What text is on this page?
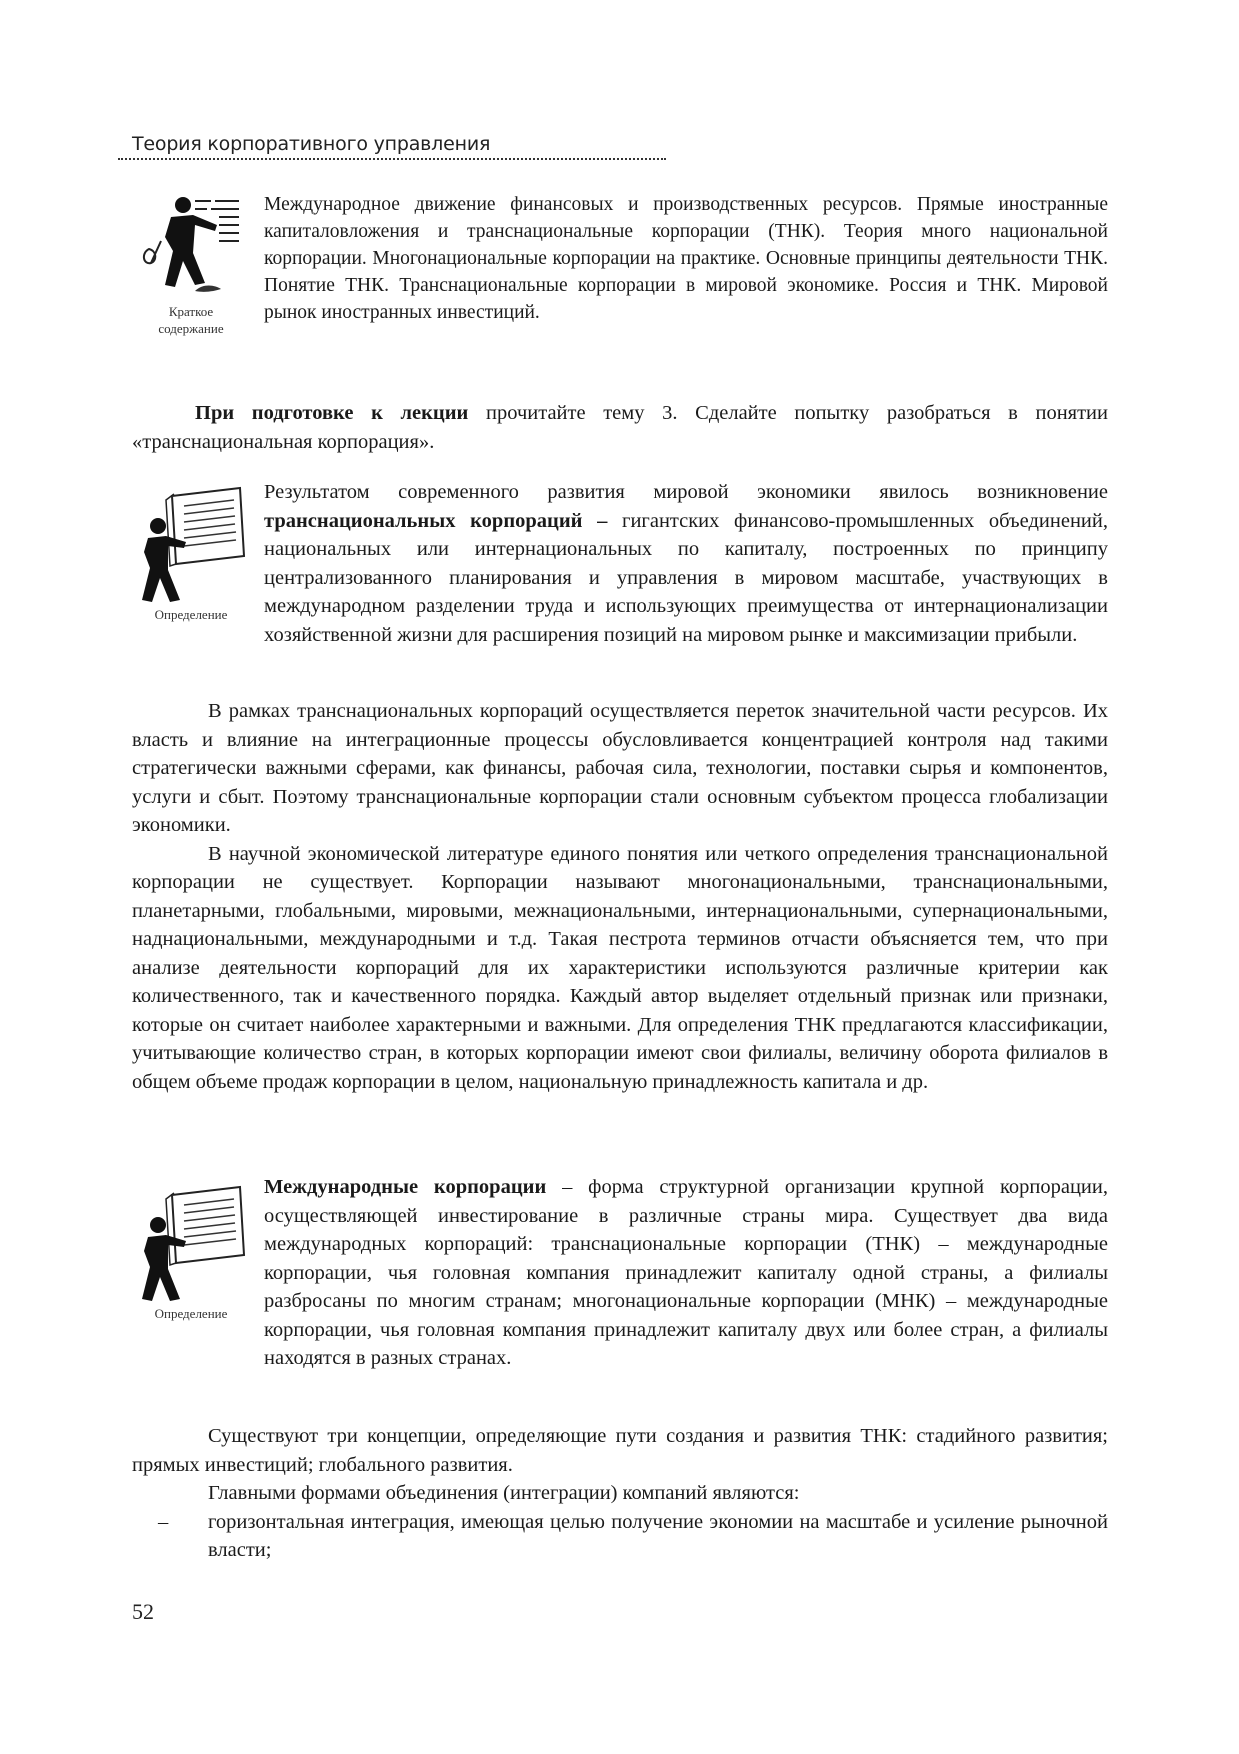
Теория корпоративного управления
Краткое
содержание

Международное движение финансовых и производственных ресурсов. Прямые иностранные капиталовложения и транснациональные корпорации (ТНК). Теория много национальной корпорации. Многонациональные корпорации на практике. Основные принципы деятельности ТНК. Понятие ТНК. Транснациональные корпорации в мировой экономике. Россия и ТНК. Мировой рынок иностранных инвестиций.

При подготовке к лекции прочитайте тему 3. Сделайте попытку разобраться в понятии «транснациональная корпорация».

Определение

Результатом современного развития мировой экономики явилось возникновение транснациональных корпораций – гигантских финансово-промышленных объединений, национальных или интернациональных по капиталу, построенных по принципу централизованного планирования и управления в мировом масштабе, участвующих в международном разделении труда и использующих преимущества от интернационализации хозяйственной жизни для расширения позиций на мировом рынке и максимизации прибыли.

В рамках транснациональных корпораций осуществляется переток значительной части ресурсов. Их власть и влияние на интеграционные процессы обусловливается концентрацией контроля над такими стратегически важными сферами, как финансы, рабочая сила, технологии, поставки сырья и компонентов, услуги и сбыт. Поэтому транснациональные корпорации стали основным субъектом процесса глобализации экономики.

В научной экономической литературе единого понятия или четкого определения транснациональной корпорации не существует. Корпорации называют многонациональными, транснациональными, планетарными, глобальными, мировыми, межнациональными, интернациональными, супернациональными, наднациональными, международными и т.д. Такая пестрота терминов отчасти объясняется тем, что при анализе деятельности корпораций для их характеристики используются различные критерии как количественного, так и качественного порядка. Каждый автор выделяет отдельный признак или признаки, которые он считает наиболее характерными и важными. Для определения ТНК предлагаются классификации, учитывающие количество стран, в которых корпорации имеют свои филиалы, величину оборота филиалов в общем объеме продаж корпорации в целом, национальную принадлежность капитала и др.

Определение

Международные корпорации – форма структурной организации крупной корпорации, осуществляющей инвестирование в различные страны мира. Существует два вида международных корпораций: транснациональные корпорации (ТНК) – международные корпорации, чья головная компания принадлежит капиталу одной страны, а филиалы разбросаны по многим странам; многонациональные корпорации (МНК) – международные корпорации, чья головная компания принадлежит капиталу двух или более стран, а филиалы находятся в разных странах.

Существуют три концепции, определяющие пути создания и развития ТНК: стадийного развития; прямых инвестиций; глобального развития.

Главными формами объединения (интеграции) компаний являются:

– горизонтальная интеграция, имеющая целью получение экономии на масштабе и усиление рыночной власти;

52
